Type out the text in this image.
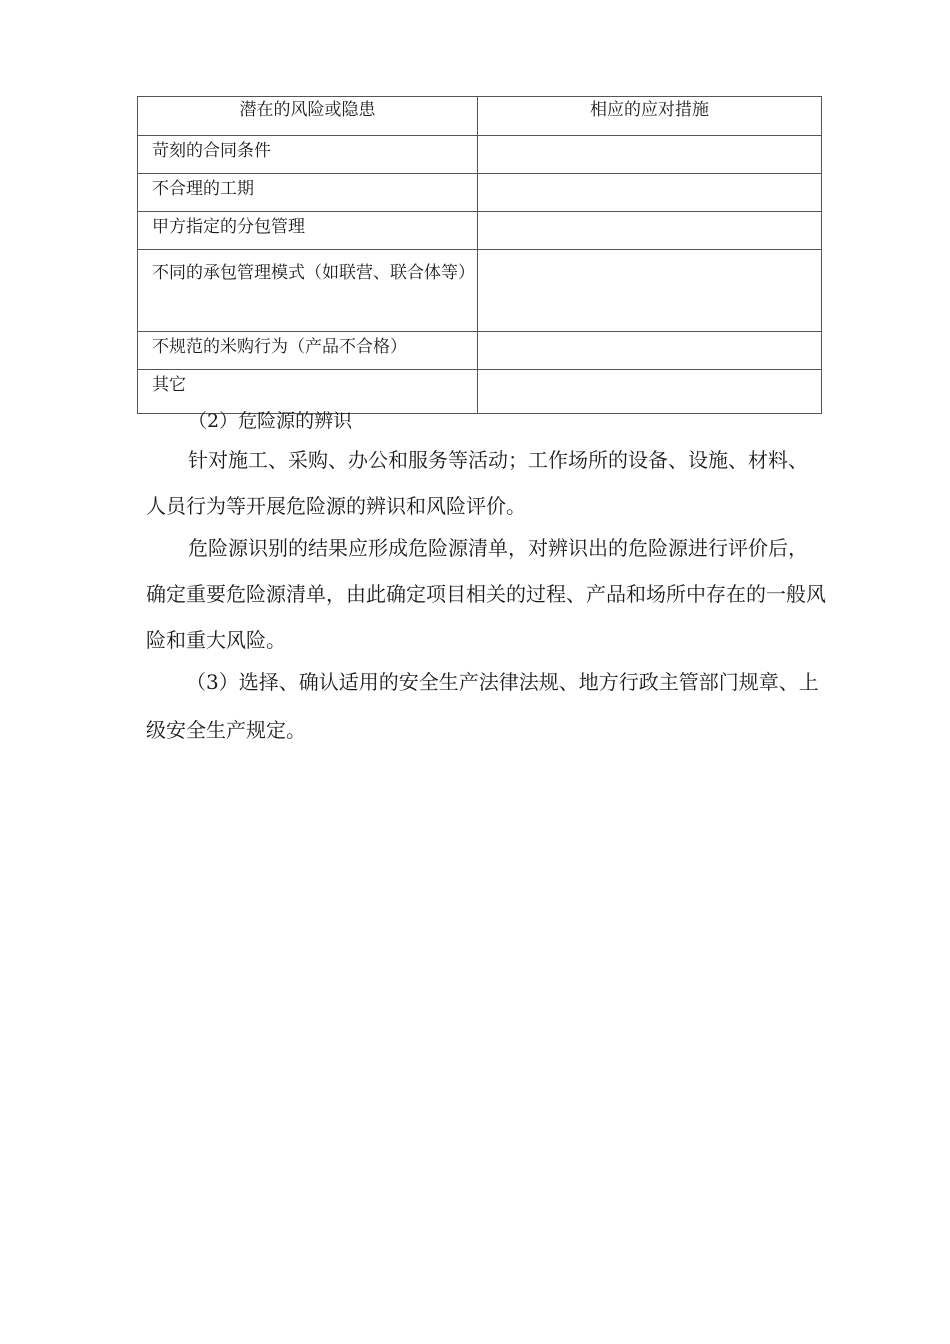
潜在的风险或隐患	相应的应对措施
苛刻的合同条件	
不合理的工期	
甲方指定的分包管理	
不同的承包管理模式（如联营、联合体等）	
不规范的米购行为（产品不合格）	
其它	

（2）危险源的辨识

针对施工、采购、办公和服务等活动；工作场所的设备、设施、材料、人员行为等开展危险源的辨识和风险评价。

危险源识别的结果应形成危险源清单，对辨识出的危险源进行评价后，确定重要危险源清单，由此确定项目相关的过程、产品和场所中存在的一般风险和重大风险。

（3）选择、确认适用的安全生产法律法规、地方行政主管部门规章、上级安全生产规定。
